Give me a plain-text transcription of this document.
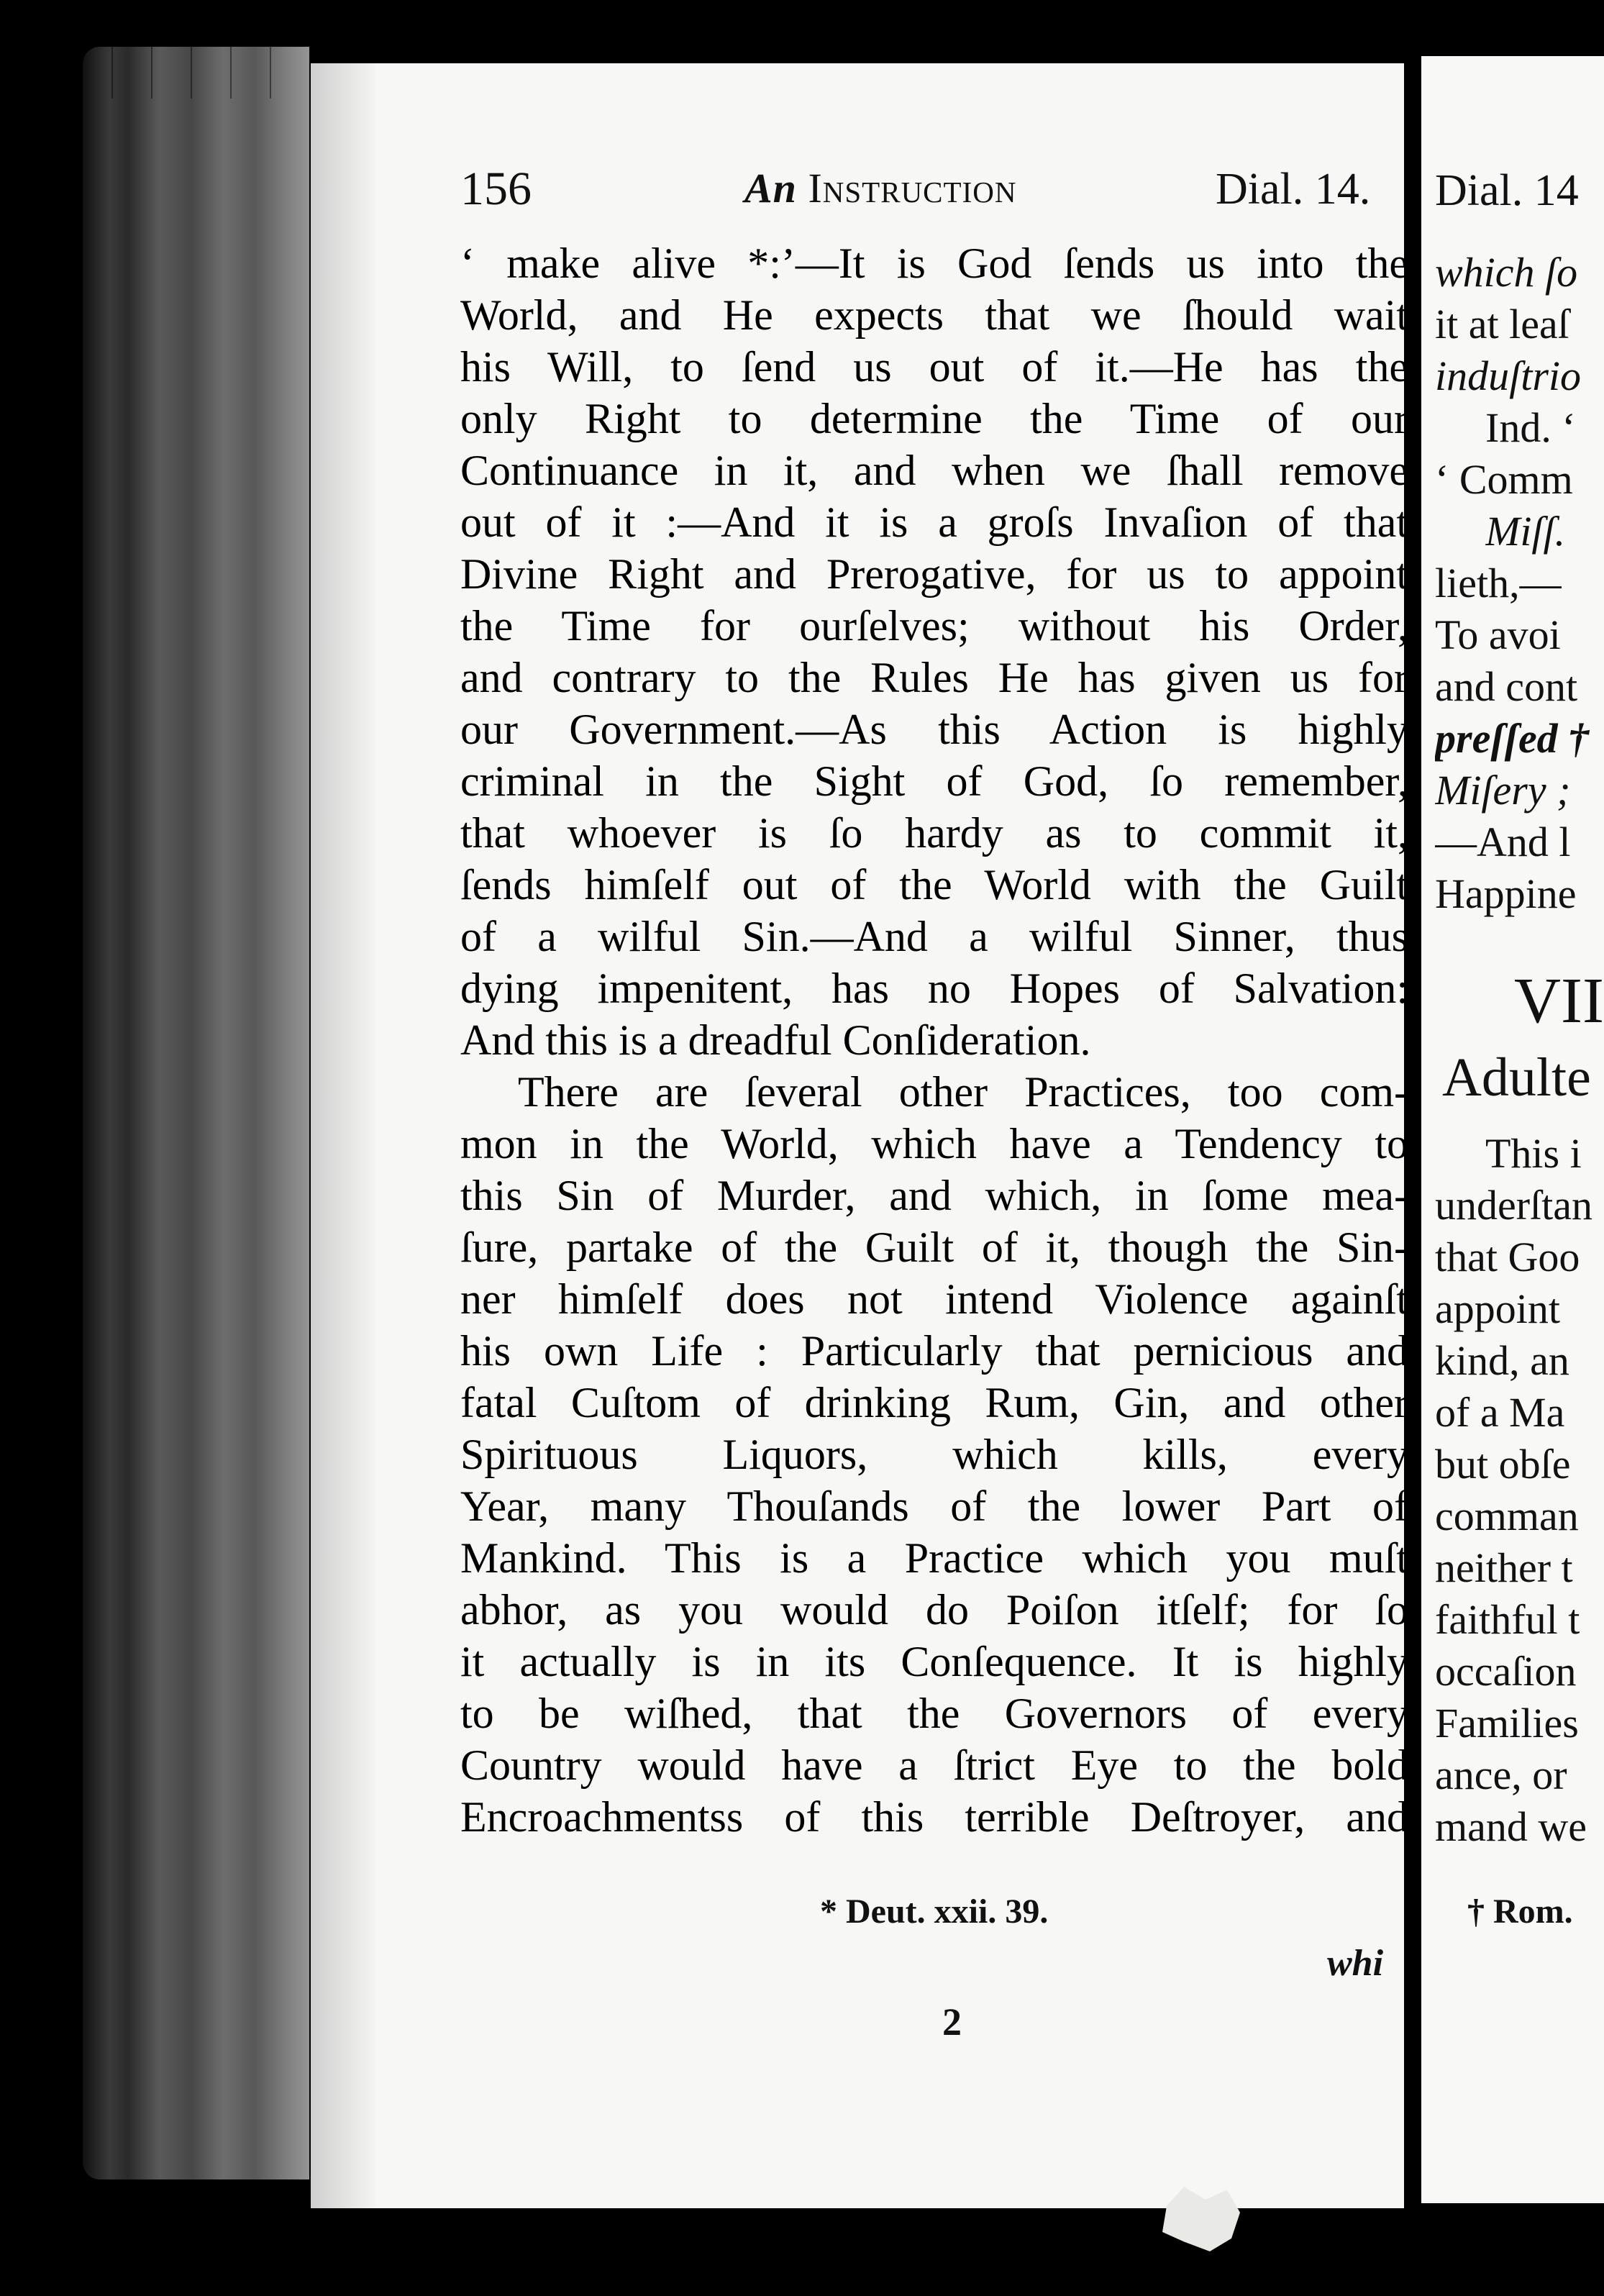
156	An Instruction	Dial. 14.
‘ make alive *:’—It is God ſends us into the
World, and He expects that we ſhould wait
his Will, to ſend us out of it.—He has the
only Right to determine the Time of our
Continuance in it, and when we ſhall remove
out of it :—And it is a groſs Invaſion of that
Divine Right and Prerogative, for us to appoint
the Time for ourſelves; without his Order,
and contrary to the Rules He has given us for
our Government.—As this Action is highly
criminal in the Sight of God, ſo remember,
that whoever is ſo hardy as to commit it,
ſends himſelf out of the World with the Guilt
of a wilful Sin.—And a wilful Sinner, thus
dying impenitent, has no Hopes of Salvation:
And this is a dreadful Conſideration.
There are ſeveral other Practices, too com-
mon in the World, which have a Tendency to
this Sin of Murder, and which, in ſome mea-
ſure, partake of the Guilt of it, though the Sin-
ner himſelf does not intend Violence againſt
his own Life : Particularly that pernicious and
fatal Cuſtom of drinking Rum, Gin, and other
Spirituous Liquors, which kills, every
Year, many Thouſands of the lower Part of
Mankind. This is a Practice which you muſt
abhor, as you would do Poiſon itſelf; for ſo
it actually is in its Conſequence. It is highly
to be wiſhed, that the Governors of every
Country would have a ſtrict Eye to the bold
Encroachmentss of this terrible Deſtroyer, and
* Deut. xxii. 39.
whi
2
Dial. 14
which ſo
it at leaſ
induſtrio
Ind. ‘
‘ Comm
Miſſ.
lieth,—
To avoi
and cont
preſſed †
Miſery ;
—And l
Happine
VII
Adulte
This i
underſtan
that Goo
appoint
kind, an
of a Ma
but obſe
comman
neither t
faithful t
occaſion
Families
ance, or
mand we
† Rom.
